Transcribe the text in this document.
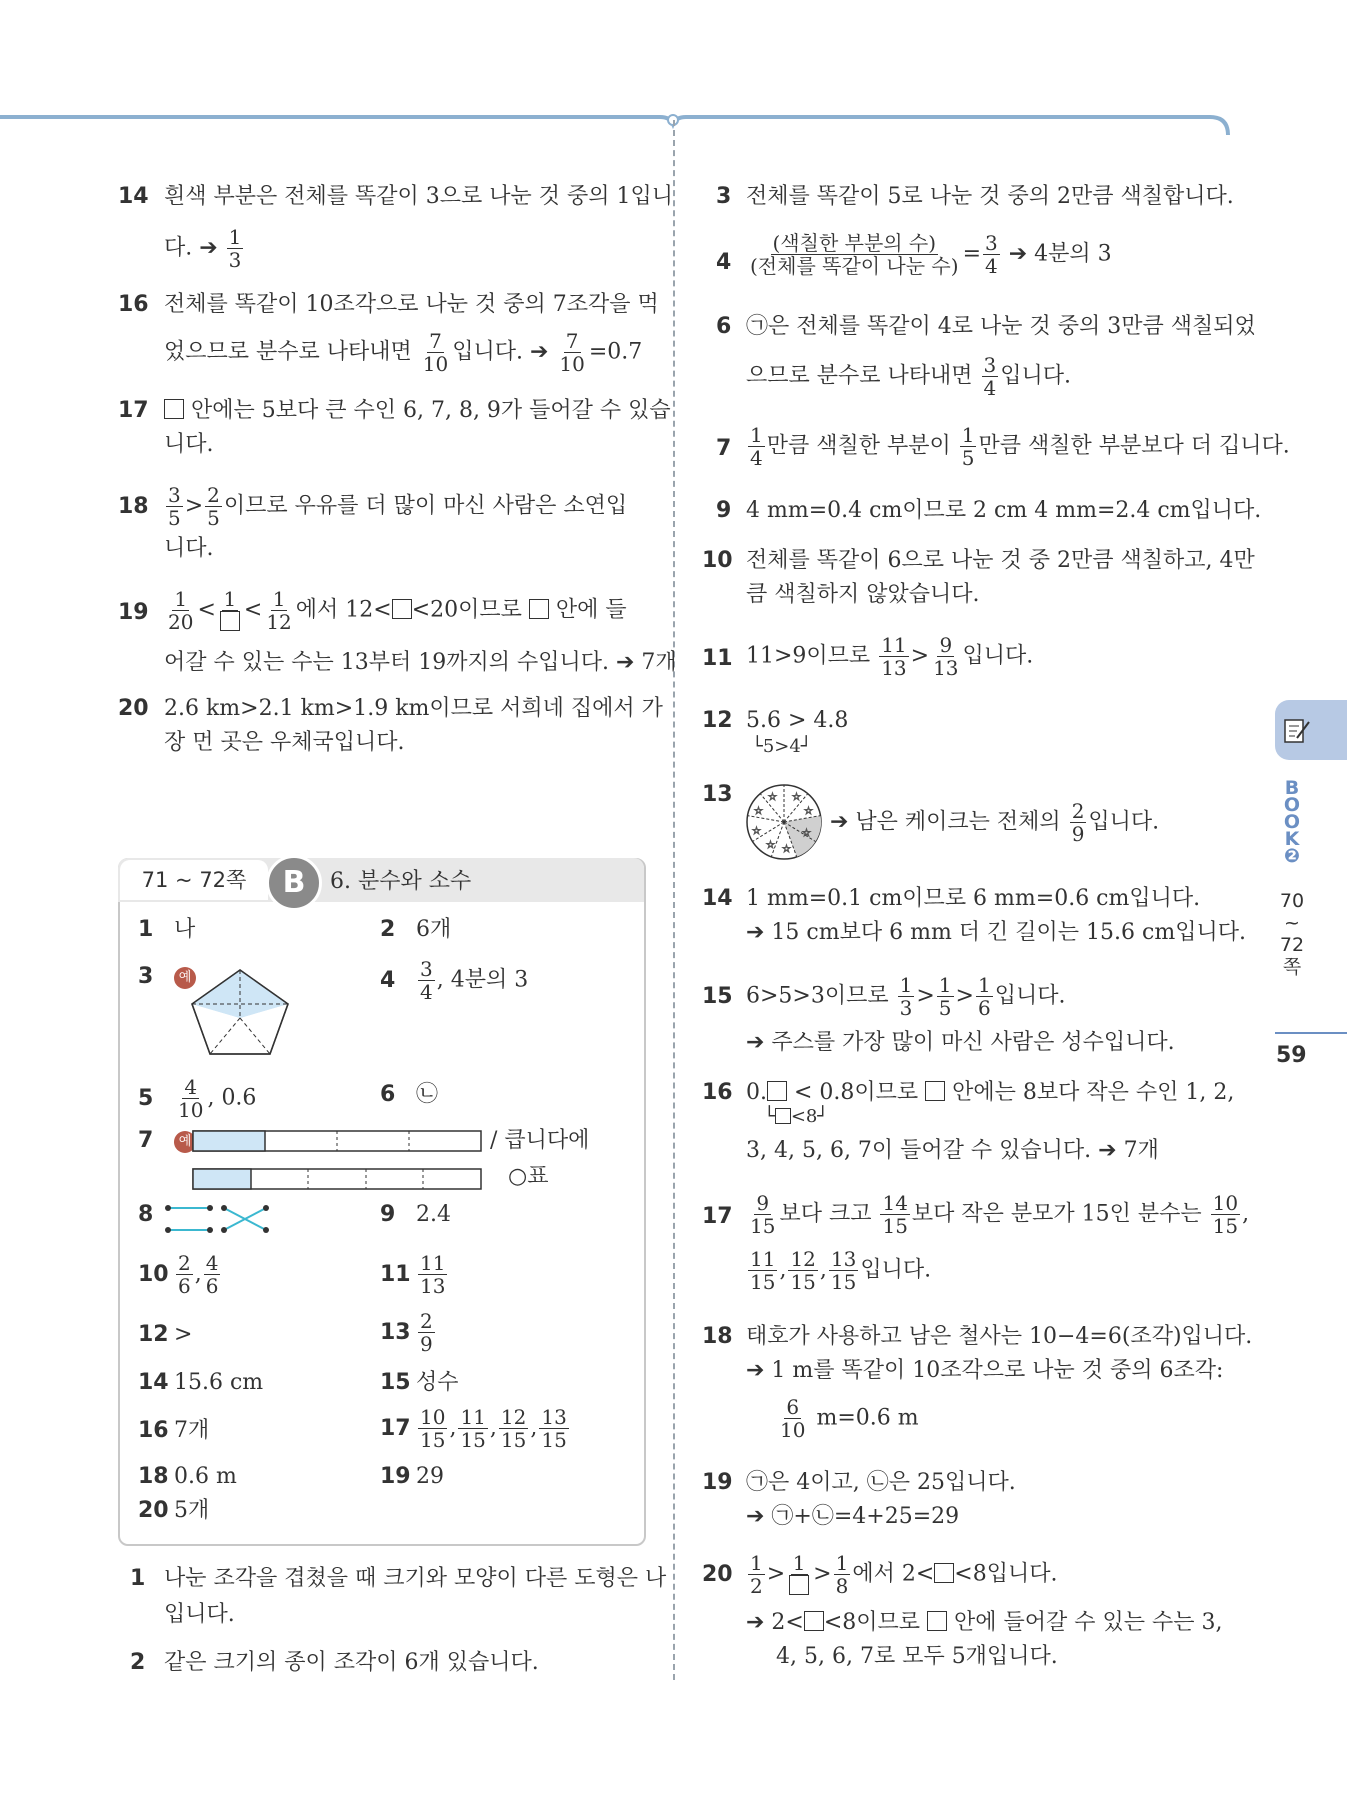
14 흰색 부분은 전체를 똑같이 3으로 나눈 것 중의 1입니
다. ➔ $\frac{1}{3}$
16 전체를 똑같이 10조각으로 나눈 것 중의 7조각을 먹
었으므로 분수로 나타내면 $\frac{7}{10}$ 입니다. ➔ $\frac{7}{10} =0.7$
17	안에는 5보다 큰 수인 6, 7, 8, 9가 들어갈 수 있습
니다.
$18 \frac{3}{5} > \frac{2}{5}$ 이므로 우유를 더 많이 마신 사람은 소연입
니다.
$19 \frac{1}{20} < 1 < \frac{1}{12}$ 에서 12< <20이므로 안에 들
어갈 수 있는 수는 13부터 19까지의 수입니다. ➔ 7개
20 2.6 km>2.1 km>1.9 km이므로 서희네 집에서 가
장 먼 곳은 우체국입니다.
1 나눈 조각을 겹쳤을 때 크기와 모양이 다른 도형은 나
입니다.
2 같은 크기의 종이 조각이 6개 있습니다.
71 ~ 72쪽	B	6. 분수와 소수
1 나	2 6개
3 예	$4 \frac{3}{4}$ , 4분의 3
$5 \frac{4}{10}$ , 0.6	6 ㉡
7 예	/ 큽니다에
○표
8	9 2.4
$10 \frac{2}{6}$ , $\frac{4}{6}$	$11 \frac{11}{13}$
12 >	$13 \frac{2}{9}$
14 15.6 cm	15 성수
16 7개	$17 \frac{10}{15}$ , $\frac{11}{15}$ , $\frac{12}{15}$ , $\frac{13}{15}$
18 0.6 m	19 29
20 5개
3 전체를 똑같이 5로 나눈 것 중의 2만큼 색칠합니다.
$4 \frac{\text{(색칠한 부분의 수)}}{\text{(전체를 똑같이 나눈 수)}} = \frac{3}{4}$ ➔ 4분의 3
6 ㉠은 전체를 똑같이 4로 나눈 것 중의 3만큼 색칠되었
으므로 분수로 나타내면 $\frac{3}{4}$ 입니다.
$7 \frac{1}{4}$ 만큼 색칠한 부분이 $\frac{1}{5}$ 만큼 색칠한 부분보다 더 깁니다.
9 4 mm=0.4 cm이므로 2 cm 4 mm=2.4 cm입니다.
10 전체를 똑같이 6으로 나눈 것 중 2만큼 색칠하고, 4만
큼 색칠하지 않았습니다.
11 11>9이므로 $\frac{11}{13} > \frac{9}{13}$ 입니다.
12 5.6 > 4.8
└5>4┘
13	☆
☆
☆
☆
☆
☆ ☆
☆ ➔ 남은 케이크는 전체의 $\frac{2}{9}$ 입니다.
14 1 mm=0.1 cm이므로 6 mm=0.6 cm입니다.
➔ 15 cm보다 6 mm 더 긴 길이는 15.6 cm입니다.
15 6>5>3이므로 $\frac{1}{3} > \frac{1}{5} > \frac{1}{6}$ 입니다.
➔ 주스를 가장 많이 마신 사람은 성수입니다.
16 0. < 0.8이므로 안에는 8보다 작은 수인 1, 2,
└ <8┘
3, 4, 5, 6, 7이 들어갈 수 있습니다. ➔ 7개
$17 \frac{9}{15}$ 보다 크고 $\frac{14}{15}$ 보다 작은 분모가 15인 분수는 $\frac{10}{15}$ ,
$\frac{11}{15}$ , $\frac{12}{15}$ , $\frac{13}{15}$ 입니다.
18 태호가 사용하고 남은 철사는 10−4=6(조각)입니다.
➔ 1 m를 똑같이 10조각으로 나눈 것 중의 6조각:
$\frac{6}{10} m=0.6$ m
19 ㉠은 4이고, ㉡은 25입니다.
➔ ㉠+㉡=4+25=29
$20 \frac{1}{2} > 1 > \frac{1}{8}$ 에서 2< <8입니다.
➔ 2< <8이므로 안에 들어갈 수 있는 수는 3,
4, 5, 6, 7로 모두 5개입니다.
B
O
O
K
❷
70
~
72
쪽
59
